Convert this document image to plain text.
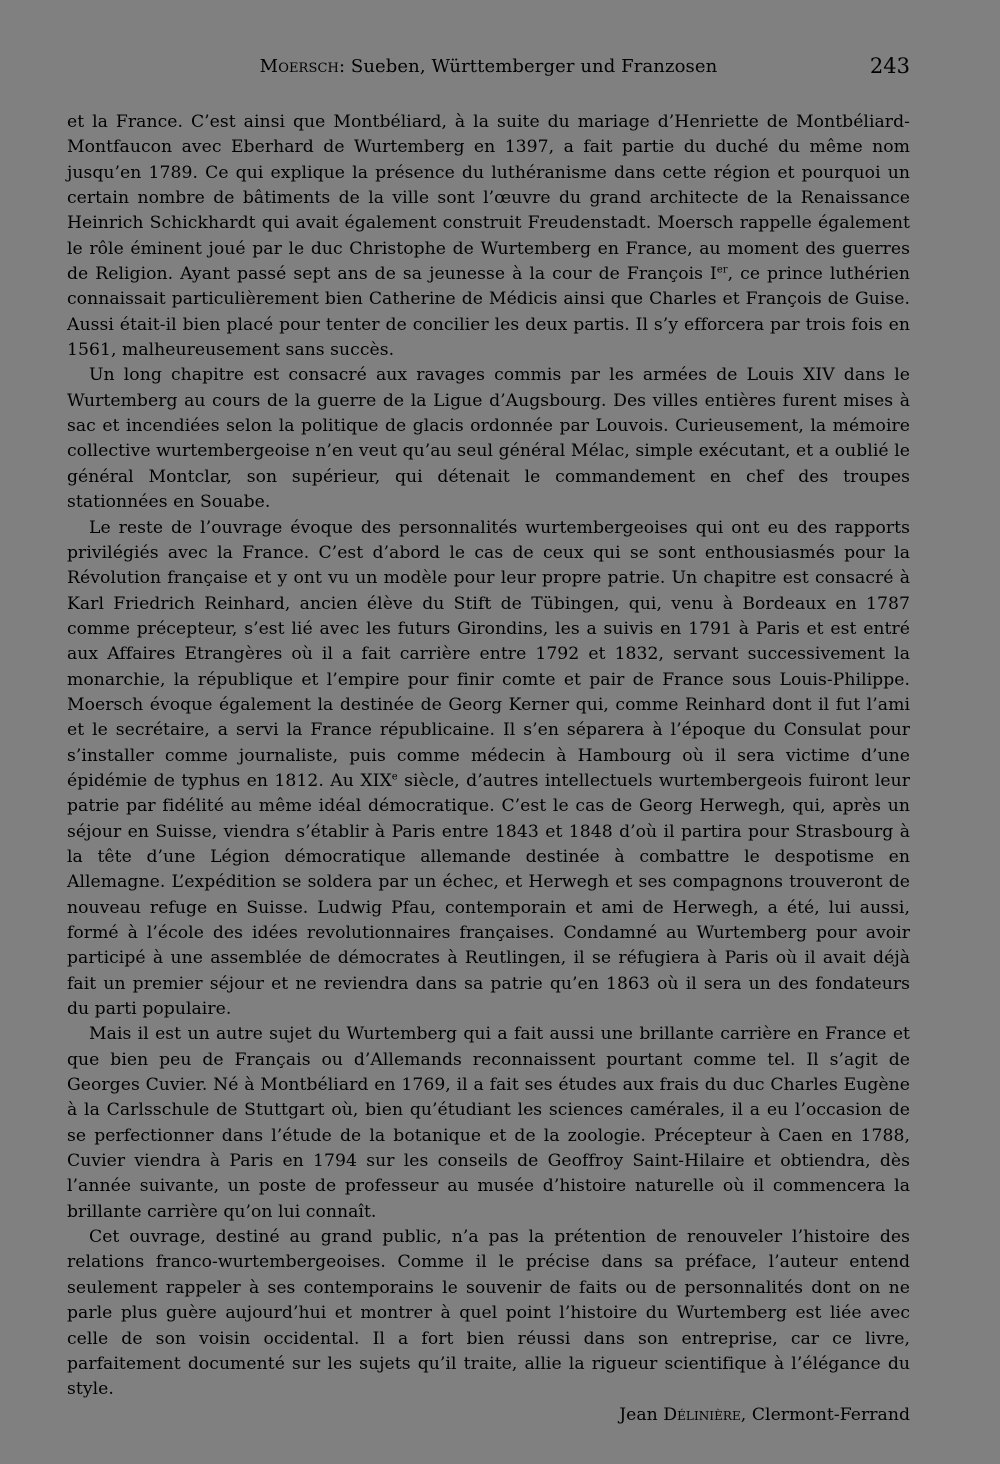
Moersch: Sueben, Württemberger und Franzosen	243

et la France. C’est ainsi que Montbéliard, à la suite du mariage d’Henriette de Montbéliard-Montfaucon avec Eberhard de Wurtemberg en 1397, a fait partie du duché du même nom jusqu’en 1789. Ce qui explique la présence du luthéranisme dans cette région et pourquoi un certain nombre de bâtiments de la ville sont l’œuvre du grand architecte de la Renaissance Heinrich Schickhardt qui avait également construit Freudenstadt. Moersch rappelle également le rôle éminent joué par le duc Christophe de Wurtemberg en France, au moment des guerres de Religion. Ayant passé sept ans de sa jeunesse à la cour de François Ier, ce prince luthérien connaissait particulièrement bien Catherine de Médicis ainsi que Charles et François de Guise. Aussi était-il bien placé pour tenter de concilier les deux partis. Il s’y efforcera par trois fois en 1561, malheureusement sans succès.

Un long chapitre est consacré aux ravages commis par les armées de Louis XIV dans le Wurtemberg au cours de la guerre de la Ligue d’Augsbourg. Des villes entières furent mises à sac et incendiées selon la politique de glacis ordonnée par Louvois. Curieusement, la mémoire collective wurtembergeoise n’en veut qu’au seul général Mélac, simple exécutant, et a oublié le général Montclar, son supérieur, qui détenait le commandement en chef des troupes stationnées en Souabe.

Le reste de l’ouvrage évoque des personnalités wurtembergeoises qui ont eu des rapports privilégiés avec la France. C’est d’abord le cas de ceux qui se sont enthousiasmés pour la Révolution française et y ont vu un modèle pour leur propre patrie. Un chapitre est consacré à Karl Friedrich Reinhard, ancien élève du Stift de Tübingen, qui, venu à Bordeaux en 1787 comme précepteur, s’est lié avec les futurs Girondins, les a suivis en 1791 à Paris et est entré aux Affaires Etrangères où il a fait carrière entre 1792 et 1832, servant successivement la monarchie, la république et l’empire pour finir comte et pair de France sous Louis-Philippe. Moersch évoque également la destinée de Georg Kerner qui, comme Reinhard dont il fut l’ami et le secrétaire, a servi la France républicaine. Il s’en séparera à l’époque du Consulat pour s’installer comme journaliste, puis comme médecin à Hambourg où il sera victime d’une épidémie de typhus en 1812. Au XIXe siècle, d’autres intellectuels wurtembergeois fuiront leur patrie par fidélité au même idéal démocratique. C’est le cas de Georg Herwegh, qui, après un séjour en Suisse, viendra s’établir à Paris entre 1843 et 1848 d’où il partira pour Strasbourg à la tête d’une Légion démocratique allemande destinée à combattre le despotisme en Allemagne. L’expédition se soldera par un échec, et Herwegh et ses compagnons trouveront de nouveau refuge en Suisse. Ludwig Pfau, contemporain et ami de Herwegh, a été, lui aussi, formé à l’école des idées revolutionnaires françaises. Condamné au Wurtemberg pour avoir participé à une assemblée de démocrates à Reutlingen, il se réfugiera à Paris où il avait déjà fait un premier séjour et ne reviendra dans sa patrie qu’en 1863 où il sera un des fondateurs du parti populaire.

Mais il est un autre sujet du Wurtemberg qui a fait aussi une brillante carrière en France et que bien peu de Français ou d’Allemands reconnaissent pourtant comme tel. Il s’agit de Georges Cuvier. Né à Montbéliard en 1769, il a fait ses études aux frais du duc Charles Eugène à la Carlsschule de Stuttgart où, bien qu’étudiant les sciences camérales, il a eu l’occasion de se perfectionner dans l’étude de la botanique et de la zoologie. Précepteur à Caen en 1788, Cuvier viendra à Paris en 1794 sur les conseils de Geoffroy Saint-Hilaire et obtiendra, dès l’année suivante, un poste de professeur au musée d’histoire naturelle où il commencera la brillante carrière qu’on lui connaît.

Cet ouvrage, destiné au grand public, n’a pas la prétention de renouveler l’histoire des relations franco-wurtembergeoises. Comme il le précise dans sa préface, l’auteur entend seulement rappeler à ses contemporains le souvenir de faits ou de personnalités dont on ne parle plus guère aujourd’hui et montrer à quel point l’histoire du Wurtemberg est liée avec celle de son voisin occidental. Il a fort bien réussi dans son entreprise, car ce livre, parfaitement documenté sur les sujets qu’il traite, allie la rigueur scientifique à l’élégance du style.

Jean Délinière, Clermont-Ferrand
